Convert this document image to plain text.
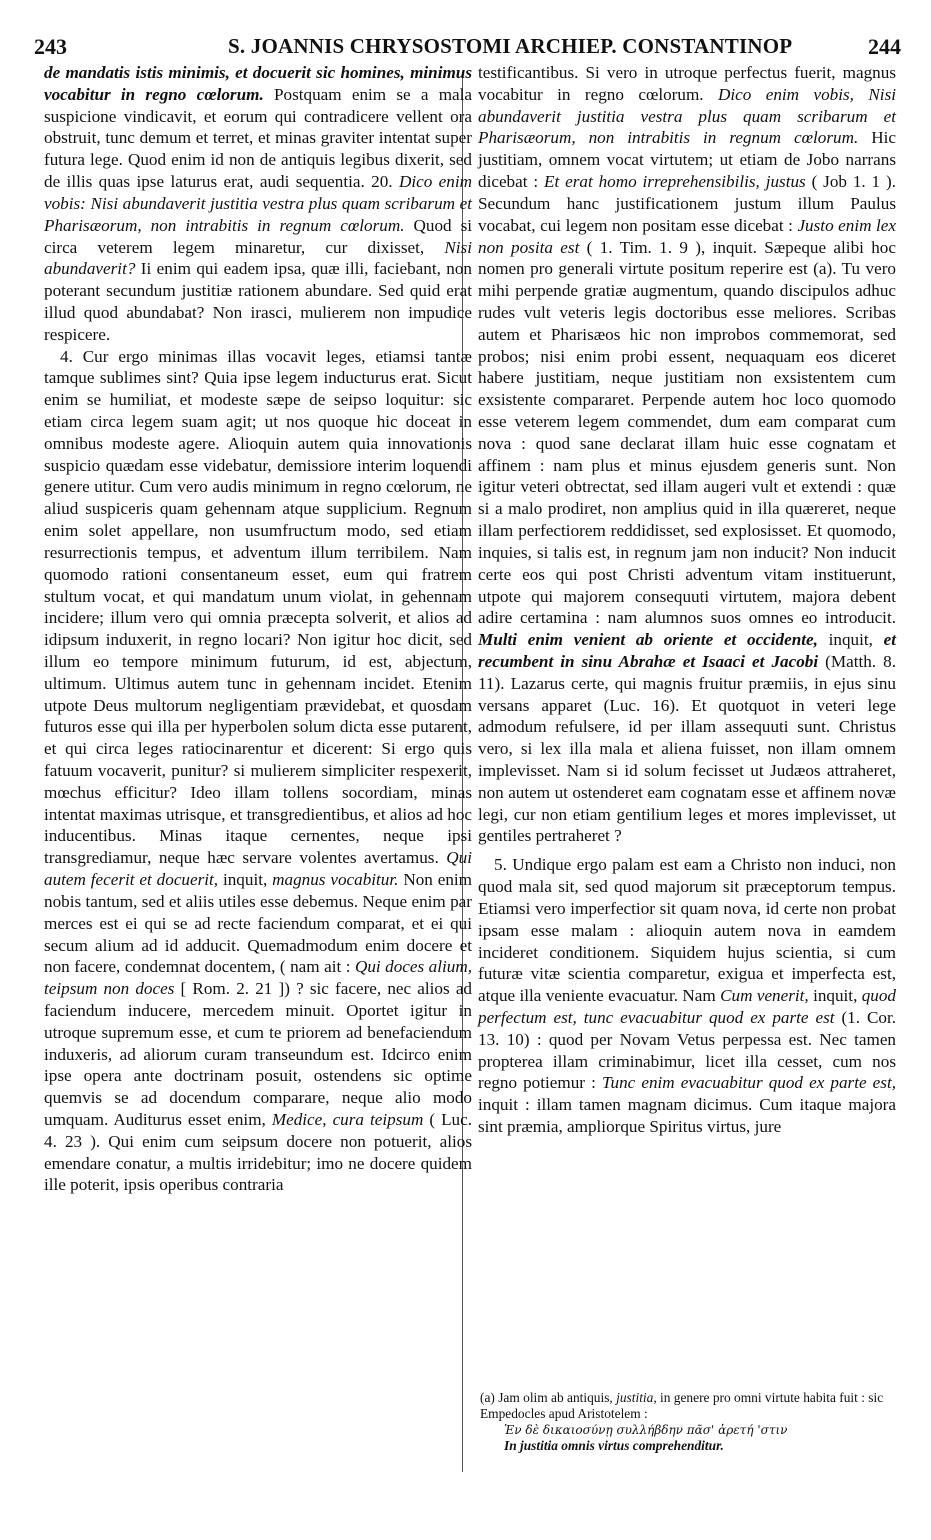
243	S. JOANNIS CHRYSOSTOMI ARCHIEP. CONSTANTINOP	244

de mandatis istis minimis, et docuerit sic homines, minimus vocabitur in regno cœlorum. Postquam enim se a mala suspicione vindicavit, et eorum qui contradicere vellent ora obstruit, tunc demum et terret, et minas graviter intentat super futura lege. Quod enim id non de antiquis legibus dixerit, sed de illis quas ipse laturus erat, audi sequentia. 20. Dico enim vobis: Nisi abundaverit justitia vestra plus quam scribarum et Pharisæorum, non intrabitis in regnum cœlorum. Quod si circa veterem legem minaretur, cur dixisset, Nisi abundaverit? Ii enim qui eadem ipsa, quæ illi, faciebant, non poterant secundum justitiæ rationem abundare. Sed quid erat illud quod abundabat? Non irasci, mulierem non impudice respicere.

4. Cur ergo minimas illas vocavit leges, etiamsi tantæ tamque sublimes sint? Quia ipse legem inducturus erat. Sicut enim se humiliat, et modeste sæpe de seipso loquitur: sic etiam circa legem suam agit; ut nos quoque hic doceat in omnibus modeste agere. Alioquin autem quia innovationis suspicio quædam esse videbatur, demissiore interim loquendi genere utitur. Cum vero audis minimum in regno cœlorum, ne aliud suspiceris quam gehennam atque supplicium. Regnum enim solet appellare, non usumfructum modo, sed etiam resurrectionis tempus, et adventum illum terribilem. Nam quomodo rationi consentaneum esset, eum qui fratrem stultum vocat, et qui mandatum unum violat, in gehennam incidere; illum vero qui omnia præcepta solverit, et alios ad idipsum induxerit, in regno locari? Non igitur hoc dicit, sed illum eo tempore minimum futurum, id est, abjectum, ultimum. Ultimus autem tunc in gehennam incidet. Etenim utpote Deus multorum negligentiam prævidebat, et quosdam futuros esse qui illa per hyperbolen solum dicta esse putarent, et qui circa leges ratiocinarentur et dicerent: Si ergo quis fatuum vocaverit, punitur? si mulierem simpliciter respexerit, mœchus efficitur? Ideo illam tollens socordiam, minas intentat maximas utrisque, et transgredientibus, et alios ad hoc inducentibus. Minas itaque cernentes, neque ipsi transgrediamur, neque hæc servare volentes avertamus. Qui autem fecerit et docuerit, inquit, magnus vocabitur. Non enim nobis tantum, sed et aliis utiles esse debemus. Neque enim par merces est ei qui se ad recte faciendum comparat, et ei qui secum alium ad id adducit. Quemadmodum enim docere et non facere, condemnat docentem, ( nam ait : Qui doces alium, teipsum non doces [ Rom. 2. 21 ]) ? sic facere, nec alios ad faciendum inducere, mercedem minuit. Oportet igitur in utroque supremum esse, et cum te priorem ad benefaciendum induxeris, ad aliorum curam transeundum est. Idcirco enim ipse opera ante doctrinam posuit, ostendens sic optime quemvis se ad docendum comparare, neque alio modo umquam. Auditurus esset enim, Medice, cura teipsum ( Luc. 4. 23 ). Qui enim cum seipsum docere non potuerit, alios emendare conatur, a multis irridebitur; imo ne docere quidem ille poterit, ipsis operibus contraria

testificantibus. Si vero in utroque perfectus fuerit, magnus vocabitur in regno cœlorum. Dico enim vobis, Nisi abundaverit justitia vestra plus quam scribarum et Pharisæorum, non intrabitis in regnum cœlorum. Hic justitiam, omnem vocat virtutem; ut etiam de Jobo narrans dicebat : Et erat homo irreprehensibilis, justus ( Job 1. 1 ). Secundum hanc justificationem justum illum Paulus vocabat, cui legem non positam esse dicebat : Justo enim lex non posita est ( 1. Tim. 1. 9 ), inquit. Sæpeque alibi hoc nomen pro generali virtute positum reperire est (a). Tu vero mihi perpende gratiæ augmentum, quando discipulos adhuc rudes vult veteris legis doctoribus esse meliores. Scribas autem et Pharisæos hic non improbos commemorat, sed probos; nisi enim probi essent, nequaquam eos diceret habere justitiam, neque justitiam non exsistentem cum exsistente compararet. Perpende autem hoc loco quomodo esse veterem legem commendet, dum eam comparat cum nova : quod sane declarat illam huic esse cognatam et affinem : nam plus et minus ejusdem generis sunt. Non igitur veteri obtrectat, sed illam augeri vult et extendi : quæ si a malo prodiret, non amplius quid in illa quæreret, neque illam perfectiorem reddidisset, sed explosisset. Et quomodo, inquies, si talis est, in regnum jam non inducit? Non inducit certe eos qui post Christi adventum vitam instituerunt, utpote qui majorem consequuti virtutem, majora debent adire certamina : nam alumnos suos omnes eo introducit. Multi enim venient ab oriente et occidente, inquit, et recumbent in sinu Abrahæ et Isaaci et Jacobi (Matth. 8. 11). Lazarus certe, qui magnis fruitur præmiis, in ejus sinu versans apparet (Luc. 16). Et quotquot in veteri lege admodum refulsere, id per illam assequuti sunt. Christus vero, si lex illa mala et aliena fuisset, non illam omnem implevisset. Nam si id solum fecisset ut Judæos attraheret, non autem ut ostenderet eam cognatam esse et affinem novæ legi, cur non etiam gentilium leges et mores implevisset, ut gentiles pertraheret ?

5. Undique ergo palam est eam a Christo non induci, non quod mala sit, sed quod majorum sit præceptorum tempus. Etiamsi vero imperfectior sit quam nova, id certe non probat ipsam esse malam : alioquin autem nova in eamdem incideret conditionem. Siquidem hujus scientia, si cum futuræ vitæ scientia comparetur, exigua et imperfecta est, atque illa veniente evacuatur. Nam Cum venerit, inquit, quod perfectum est, tunc evacuabitur quod ex parte est (1. Cor. 13. 10) : quod per Novam Vetus perpessa est. Nec tamen propterea illam criminabimur, licet illa cesset, cum nos regno potiemur : Tunc enim evacuabitur quod ex parte est, inquit : illam tamen magnam dicimus. Cum itaque majora sint præmia, ampliorque Spiritus virtus, jure

(a) Jam olim ab antiquis, justitia, in genere pro omni virtute habita fuit : sic Empedocles apud Aristotelem :
Ἐν δὲ δικαιοσύνῃ συλλήβδην πᾶσ' ἀρετή 'στιν
In justitia omnis virtus comprehenditur.
